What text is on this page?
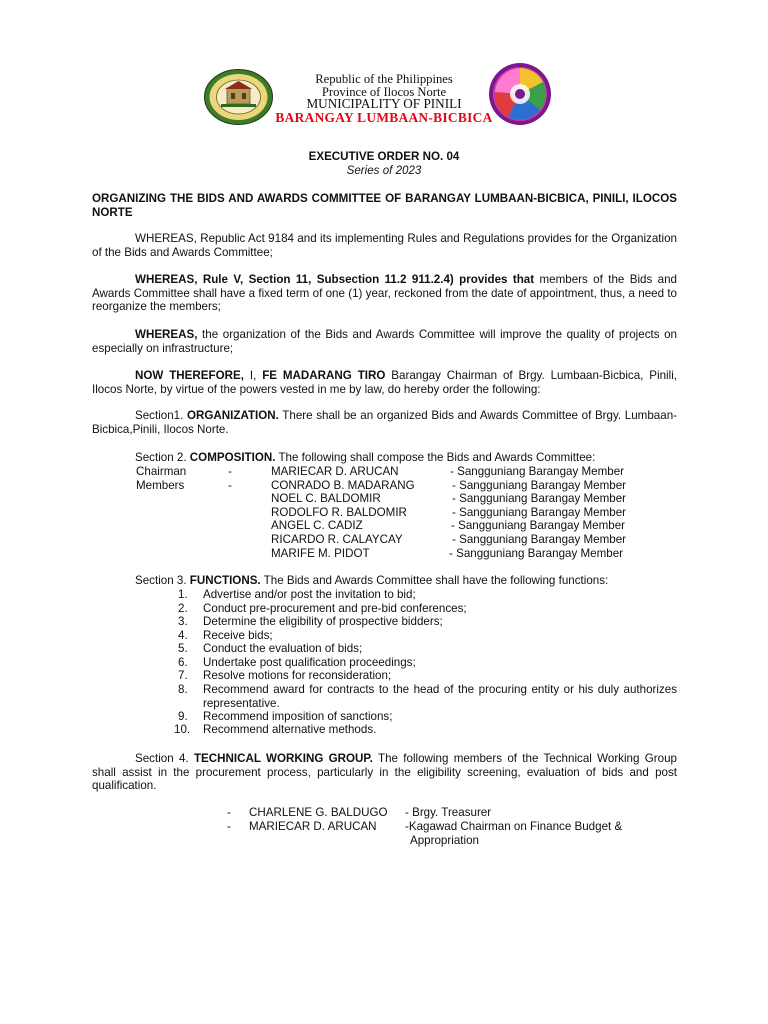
Republic of the Philippines
Province of Ilocos Norte
MUNICIPALITY OF PINILI
BARANGAY LUMBAAN-BICBICA
EXECUTIVE ORDER NO. 04
Series of 2023
ORGANIZING THE BIDS AND AWARDS COMMITTEE OF BARANGAY LUMBAAN-BICBICA, PINILI, ILOCOS NORTE

WHEREAS, Republic Act 9184 and its implementing Rules and Regulations provides for the Organization of the Bids and Awards Committee;

WHEREAS, Rule V, Section 11, Subsection 11.2 911.2.4) provides that members of the Bids and Awards Committee shall have a fixed term of one (1) year, reckoned from the date of appointment, thus, a need to reorganize the members;

WHEREAS, the organization of the Bids and Awards Committee will improve the quality of projects on especially on infrastructure;

NOW THEREFORE, I, FE MADARANG TIRO Barangay Chairman of Brgy. Lumbaan-Bicbica, Pinili, Ilocos Norte, by virtue of the powers vested in me by law, do hereby order the following:

Section1. ORGANIZATION. There shall be an organized Bids and Awards Committee of Brgy. Lumbaan-Bicbica,Pinili, Ilocos Norte.

Section 2. COMPOSITION. The following shall compose the Bids and Awards Committee:

Chairman	-	MARIECAR D. ARUCAN	- Sangguniang Barangay Member
Members	-	CONRADO B. MADARANG	- Sangguniang Barangay Member
NOEL C. BALDOMIR	- Sangguniang Barangay Member
RODOLFO R. BALDOMIR	- Sangguniang Barangay Member
ANGEL C. CADIZ	- Sangguniang Barangay Member
RICARDO R. CALAYCAY	- Sangguniang Barangay Member
MARIFE M. PIDOT	- Sangguniang Barangay Member

Section 3. FUNCTIONS. The Bids and Awards Committee shall have the following functions:

1.	Advertise and/or post the invitation to bid;
2.	Conduct pre-procurement and pre-bid conferences;
3.	Determine the eligibility of prospective bidders;
4.	Receive bids;
5.	Conduct the evaluation of bids;
6.	Undertake post qualification proceedings;
7.	Resolve motions for reconsideration;
8.	Recommend award for contracts to the head of the procuring entity or his duly authorizes representative.
9.	Recommend imposition of sanctions;
10.	Recommend alternative methods.

Section 4. TECHNICAL WORKING GROUP. The following members of the Technical Working Group shall assist in the procurement process, particularly in the eligibility screening, evaluation of bids and post qualification.

- CHARLENE G. BALDUGO - Brgy. Treasurer
- MARIECAR D. ARUCAN -Kagawad Chairman on Finance Budget &
Appropriation
